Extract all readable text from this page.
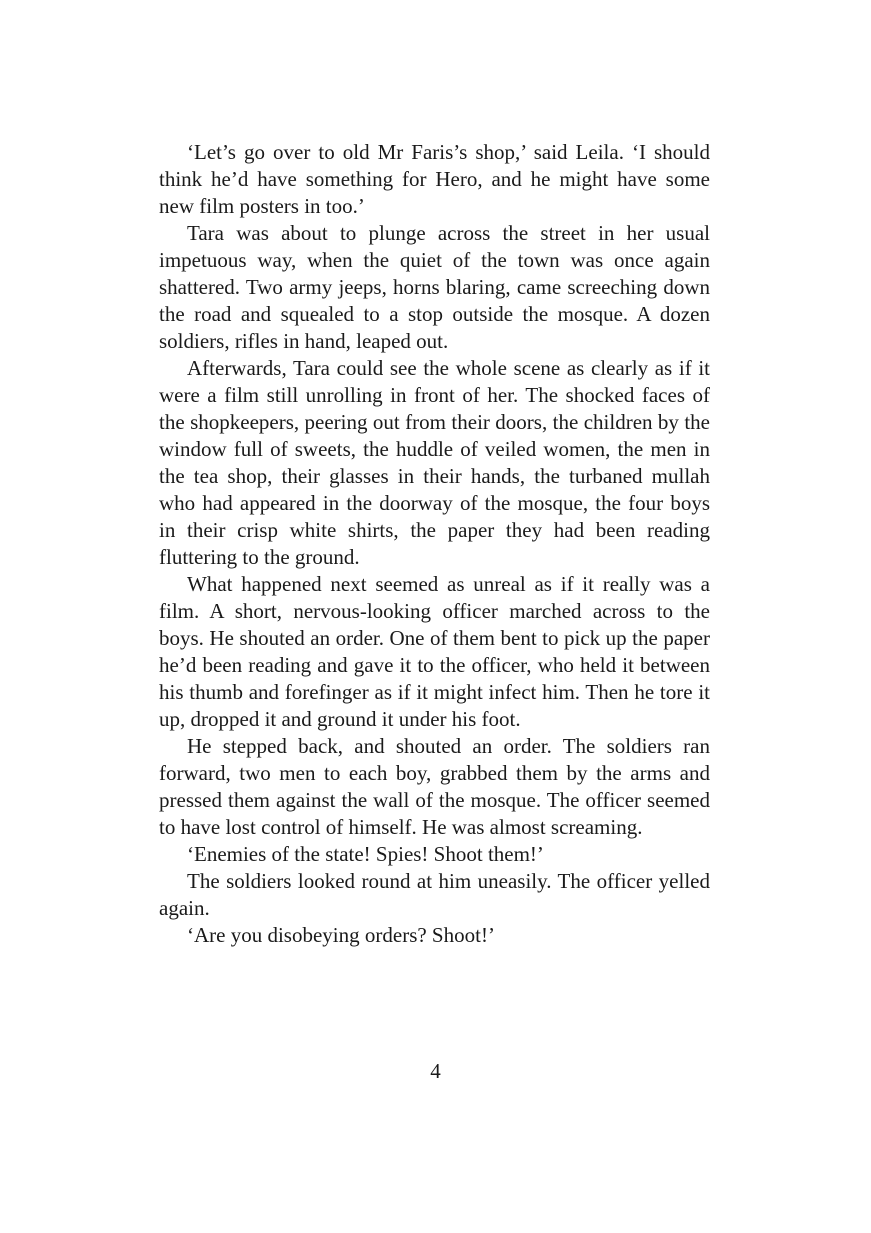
‘Let’s go over to old Mr Faris’s shop,’ said Leila. ‘I should think he’d have something for Hero, and he might have some new film posters in too.’

Tara was about to plunge across the street in her usual impetuous way, when the quiet of the town was once again shattered. Two army jeeps, horns blaring, came screeching down the road and squealed to a stop outside the mosque. A dozen soldiers, rifles in hand, leaped out.

Afterwards, Tara could see the whole scene as clearly as if it were a film still unrolling in front of her. The shocked faces of the shopkeepers, peering out from their doors, the children by the window full of sweets, the huddle of veiled women, the men in the tea shop, their glasses in their hands, the turbaned mullah who had appeared in the doorway of the mosque, the four boys in their crisp white shirts, the paper they had been reading fluttering to the ground.

What happened next seemed as unreal as if it really was a film. A short, nervous-looking officer marched across to the boys. He shouted an order. One of them bent to pick up the paper he’d been reading and gave it to the officer, who held it between his thumb and forefinger as if it might infect him. Then he tore it up, dropped it and ground it under his foot.

He stepped back, and shouted an order. The soldiers ran forward, two men to each boy, grabbed them by the arms and pressed them against the wall of the mosque. The officer seemed to have lost control of himself. He was almost screaming.

‘Enemies of the state! Spies! Shoot them!’

The soldiers looked round at him uneasily. The officer yelled again.

‘Are you disobeying orders? Shoot!’

4
